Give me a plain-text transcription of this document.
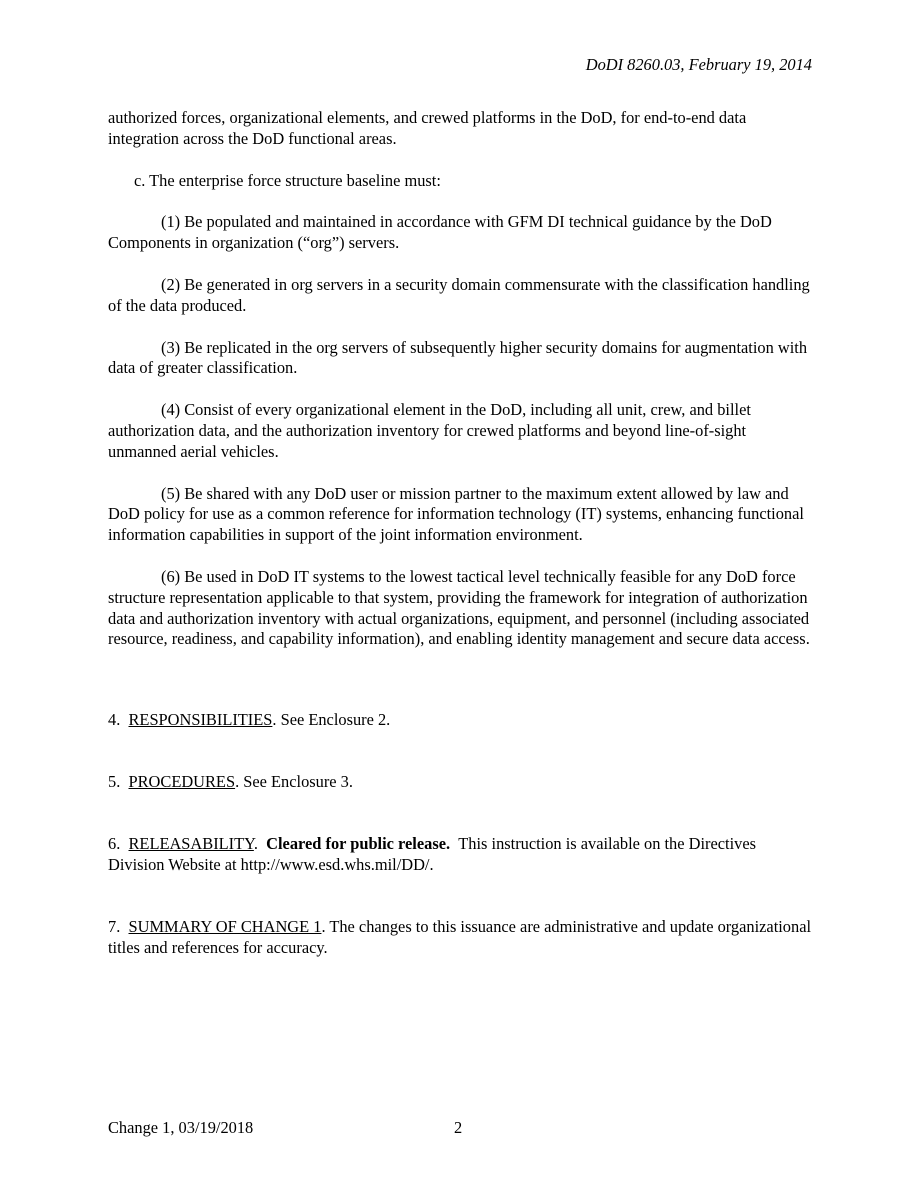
DoDI 8260.03, February 19, 2014

authorized forces, organizational elements, and crewed platforms in the DoD, for end-to-end data integration across the DoD functional areas.

c. The enterprise force structure baseline must:

(1) Be populated and maintained in accordance with GFM DI technical guidance by the DoD Components in organization (“org”) servers.

(2) Be generated in org servers in a security domain commensurate with the classification handling of the data produced.

(3) Be replicated in the org servers of subsequently higher security domains for augmentation with data of greater classification.

(4) Consist of every organizational element in the DoD, including all unit, crew, and billet authorization data, and the authorization inventory for crewed platforms and beyond line-of-sight unmanned aerial vehicles.

(5) Be shared with any DoD user or mission partner to the maximum extent allowed by law and DoD policy for use as a common reference for information technology (IT) systems, enhancing functional information capabilities in support of the joint information environment.

(6) Be used in DoD IT systems to the lowest tactical level technically feasible for any DoD force structure representation applicable to that system, providing the framework for integration of authorization data and authorization inventory with actual organizations, equipment, and personnel (including associated resource, readiness, and capability information), and enabling identity management and secure data access.

4. RESPONSIBILITIES. See Enclosure 2.

5. PROCEDURES. See Enclosure 3.

6. RELEASABILITY.  Cleared for public release. This instruction is available on the Directives Division Website at http://www.esd.whs.mil/DD/.

7. SUMMARY OF CHANGE 1. The changes to this issuance are administrative and update organizational titles and references for accuracy.

Change 1, 03/19/2018	2
